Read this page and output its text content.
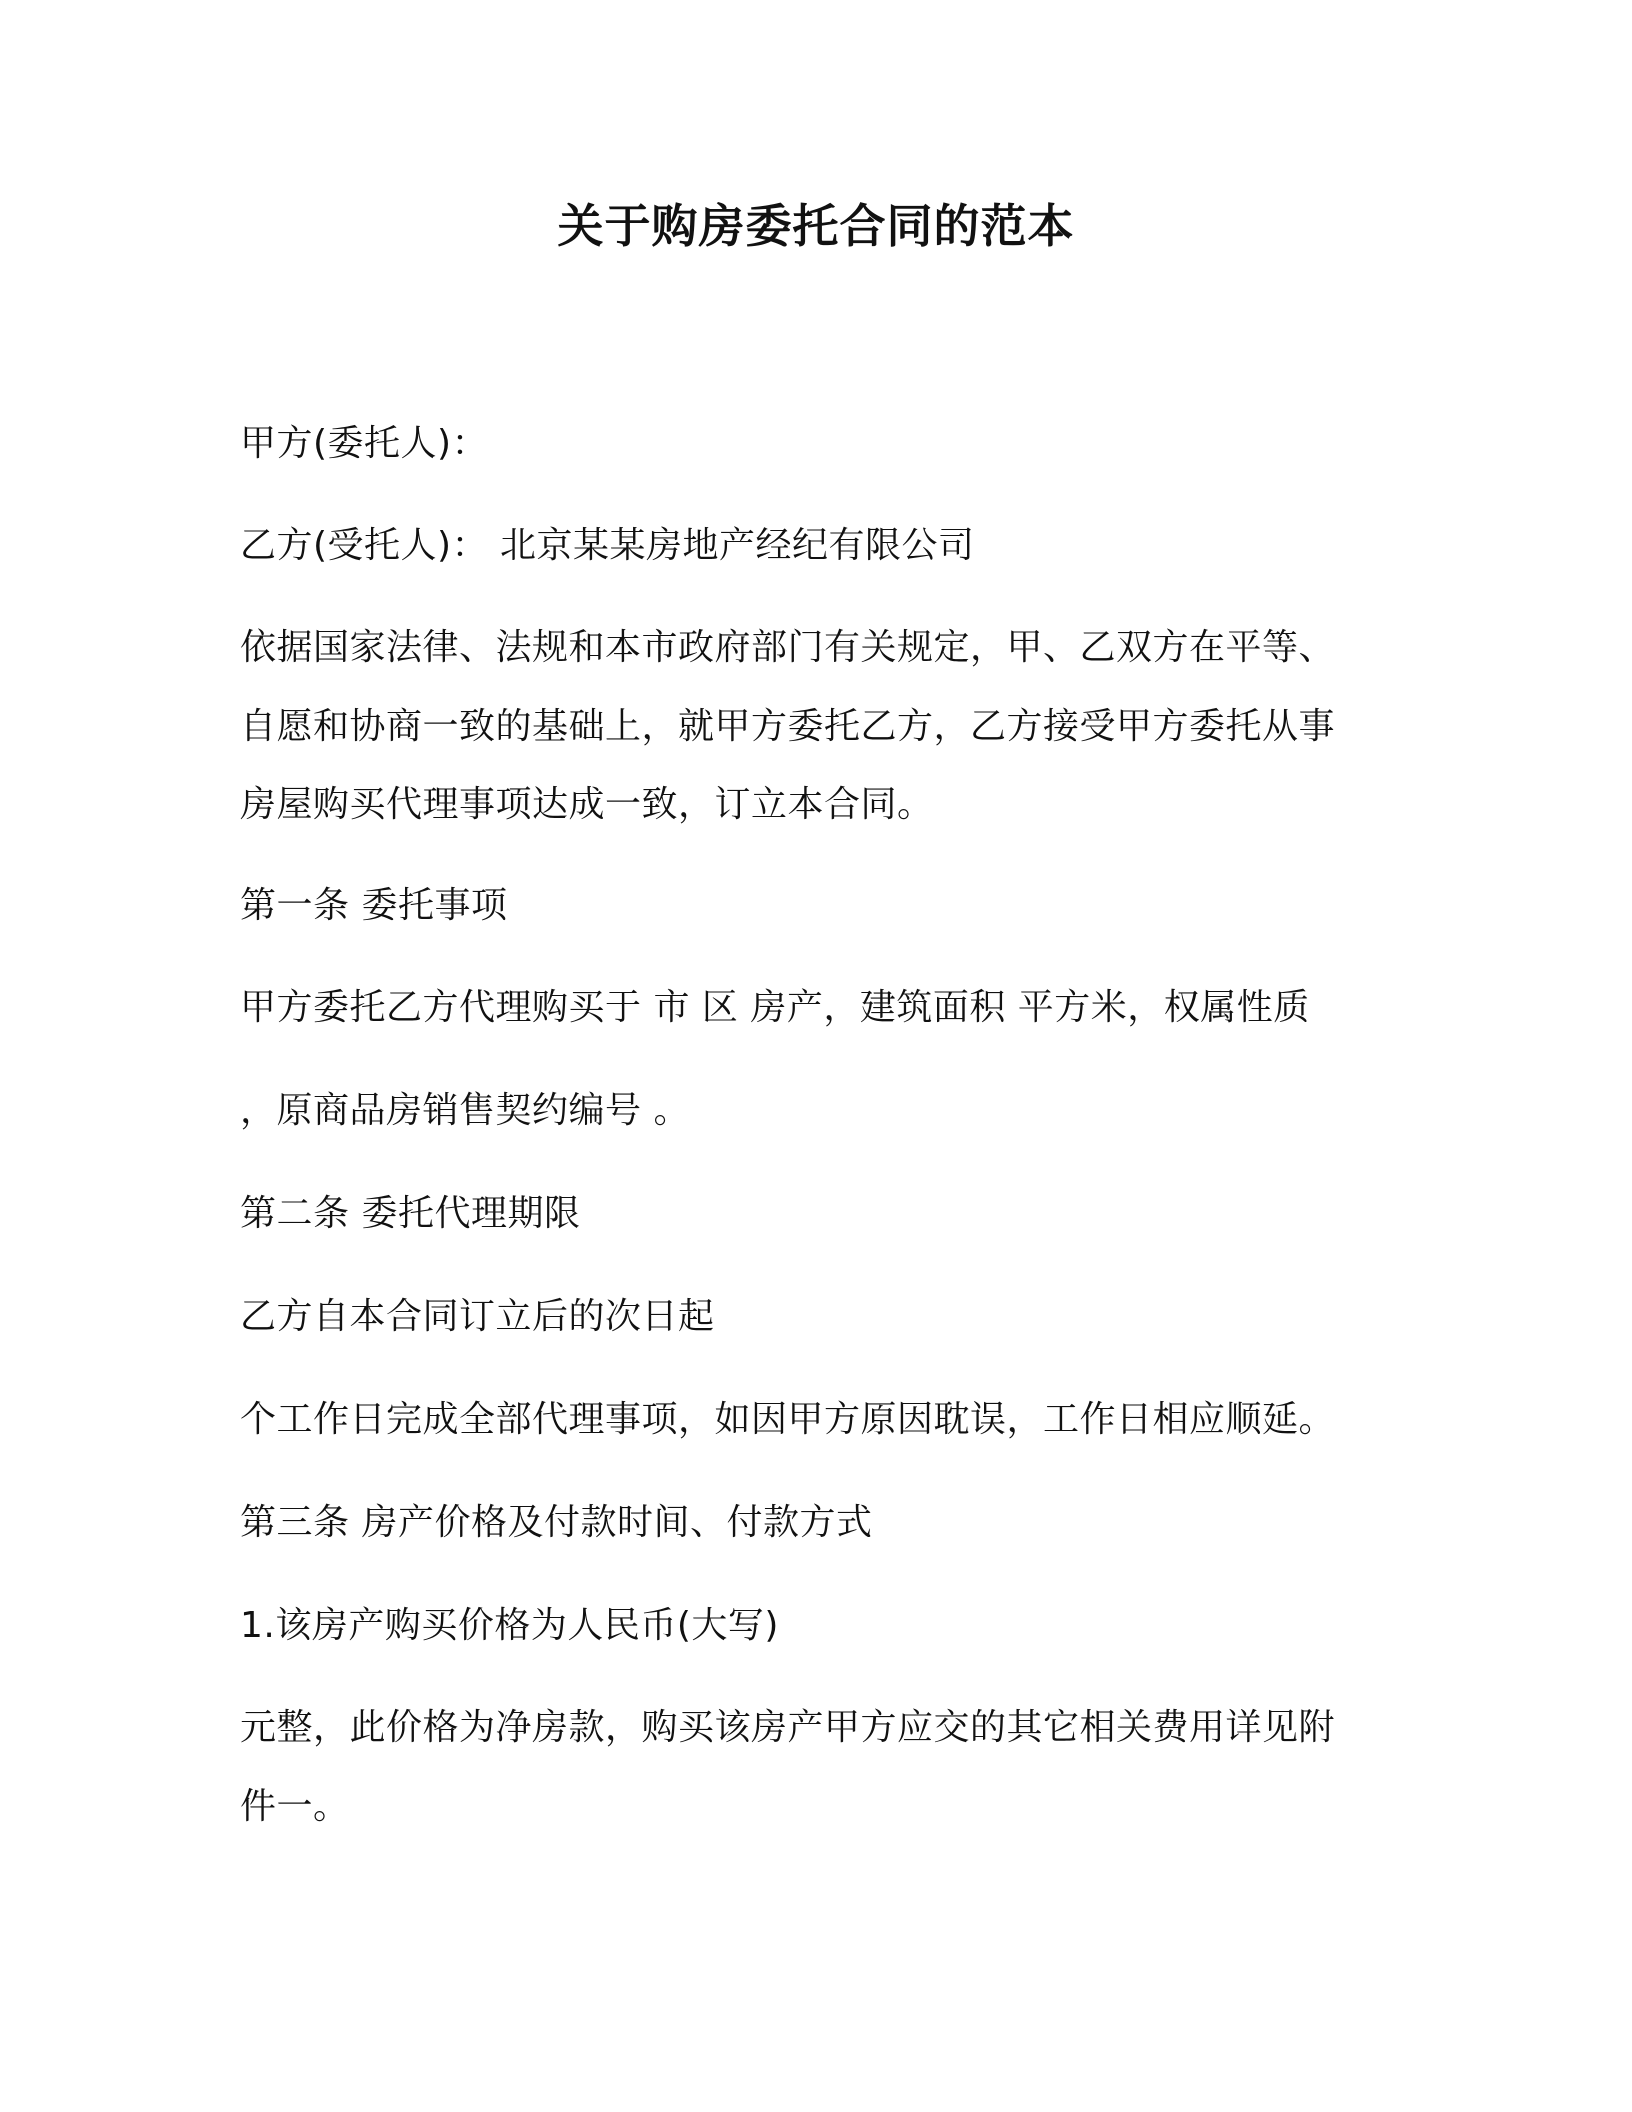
关于购房委托合同的范本
甲方(委托人)：
乙方(受托人)： 北京某某房地产经纪有限公司
依据国家法律、法规和本市政府部门有关规定，甲、乙双方在平等、
自愿和协商一致的基础上，就甲方委托乙方，乙方接受甲方委托从事
房屋购买代理事项达成一致，订立本合同。
第一条 委托事项
甲方委托乙方代理购买于 市 区 房产，建筑面积 平方米，权属性质
，原商品房销售契约编号 。
第二条 委托代理期限
乙方自本合同订立后的次日起
个工作日完成全部代理事项，如因甲方原因耽误，工作日相应顺延。
第三条 房产价格及付款时间、付款方式
1.该房产购买价格为人民币(大写)
元整，此价格为净房款，购买该房产甲方应交的其它相关费用详见附
件一。
